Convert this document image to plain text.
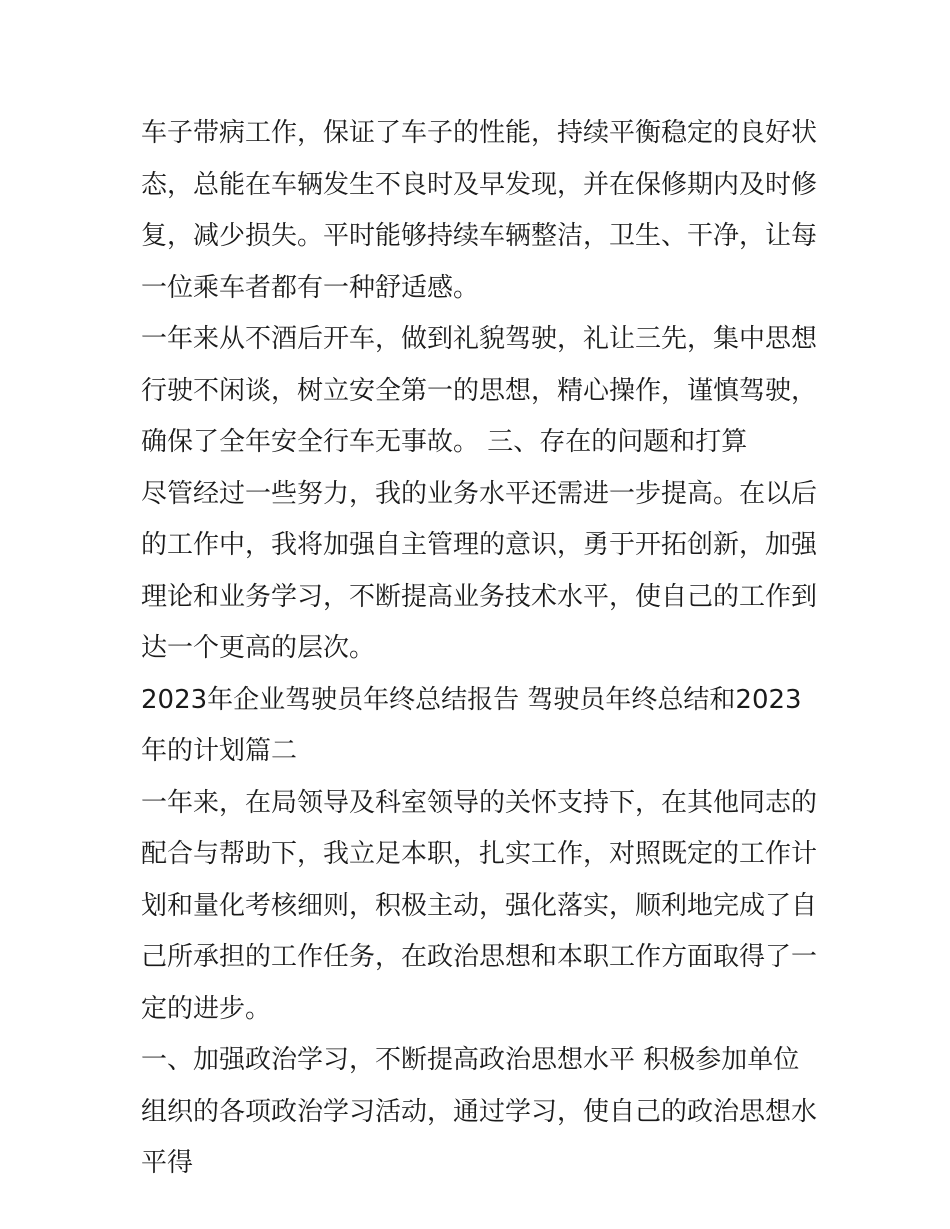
车子带病工作，保证了车子的性能，持续平衡稳定的良好状态，总能在车辆发生不良时及早发现，并在保修期内及时修复，减少损失。平时能够持续车辆整洁，卫生、干净，让每一位乘车者都有一种舒适感。

一年来从不酒后开车，做到礼貌驾驶，礼让三先，集中思想行驶不闲谈，树立安全第一的思想，精心操作，谨慎驾驶，确保了全年安全行车无事故。 三、存在的问题和打算

尽管经过一些努力，我的业务水平还需进一步提高。在以后的工作中，我将加强自主管理的意识，勇于开拓创新，加强理论和业务学习，不断提高业务技术水平，使自己的工作到达一个更高的层次。

2023年企业驾驶员年终总结报告 驾驶员年终总结和2023年的计划篇二

一年来，在局领导及科室领导的关怀支持下，在其他同志的配合与帮助下，我立足本职，扎实工作，对照既定的工作计划和量化考核细则，积极主动，强化落实，顺利地完成了自己所承担的工作任务，在政治思想和本职工作方面取得了一定的进步。

一、加强政治学习，不断提高政治思想水平 积极参加单位组织的各项政治学习活动，通过学习，使自己的政治思想水平得
